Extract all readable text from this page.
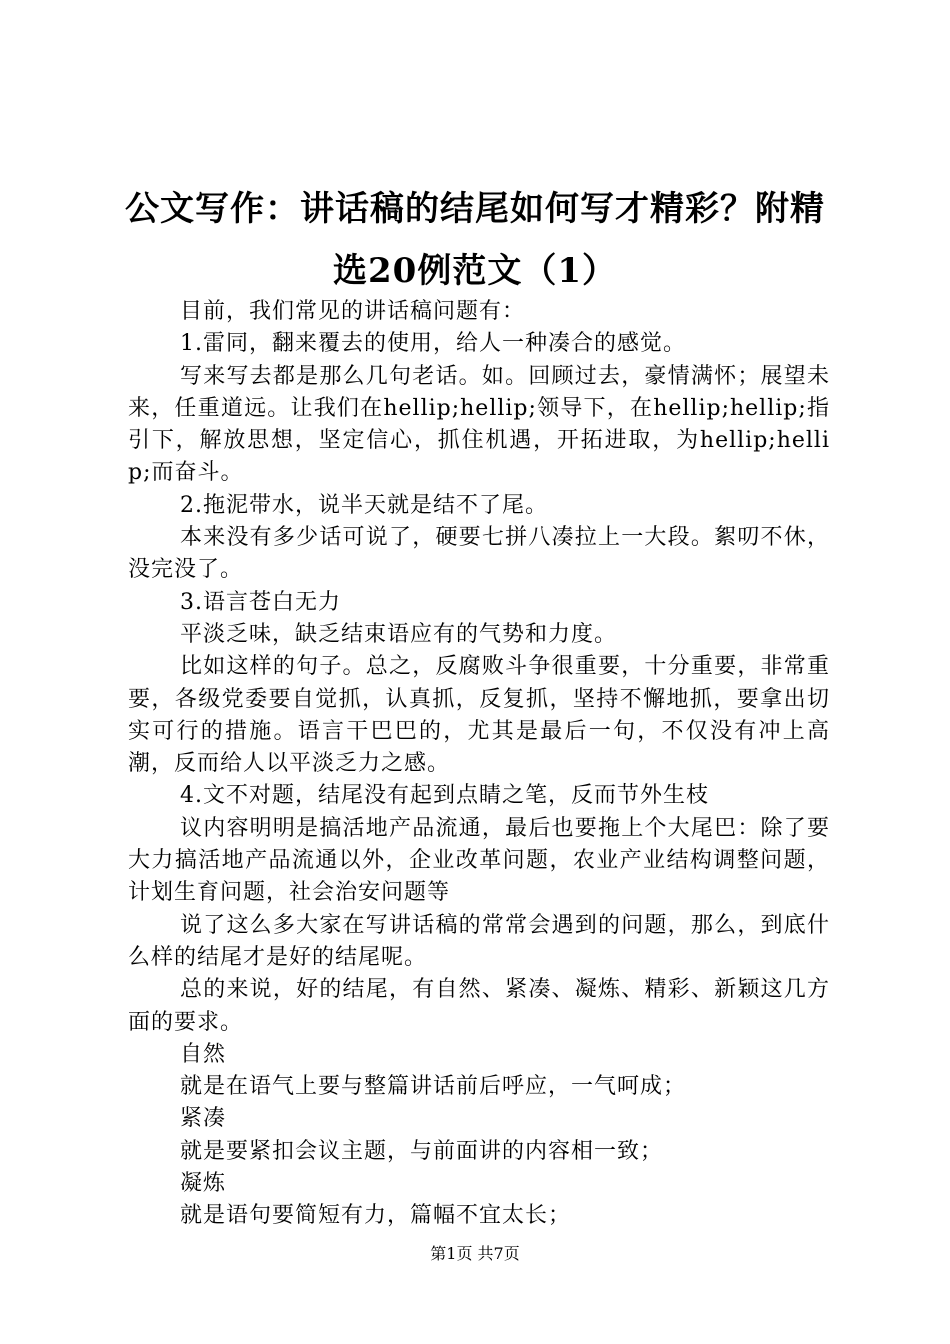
公文写作：讲话稿的结尾如何写才精彩？附精
选20例范文（1）

目前，我们常见的讲话稿问题有：

1.雷同，翻来覆去的使用，给人一种凑合的感觉。

写来写去都是那么几句老话。如。回顾过去，豪情满怀；展望未来，任重道远。让我们在hellip;hellip;领导下，在hellip;hellip;指引下，解放思想，坚定信心，抓住机遇，开拓进取，为hellip;hellip;而奋斗。

2.拖泥带水，说半天就是结不了尾。

本来没有多少话可说了，硬要七拼八凑拉上一大段。絮叨不休，没完没了。

3.语言苍白无力

平淡乏味，缺乏结束语应有的气势和力度。

比如这样的句子。总之，反腐败斗争很重要，十分重要，非常重要，各级党委要自觉抓，认真抓，反复抓，坚持不懈地抓，要拿出切实可行的措施。语言干巴巴的，尤其是最后一句，不仅没有冲上高潮，反而给人以平淡乏力之感。

4.文不对题，结尾没有起到点睛之笔，反而节外生枝

议内容明明是搞活地产品流通，最后也要拖上个大尾巴：除了要大力搞活地产品流通以外，企业改革问题，农业产业结构调整问题，计划生育问题，社会治安问题等

说了这么多大家在写讲话稿的常常会遇到的问题，那么，到底什么样的结尾才是好的结尾呢。

总的来说，好的结尾，有自然、紧凑、凝炼、精彩、新颖这几方面的要求。

自然

就是在语气上要与整篇讲话前后呼应，一气呵成；

紧凑

就是要紧扣会议主题，与前面讲的内容相一致；

凝炼

就是语句要简短有力，篇幅不宜太长；

第1页 共7页
